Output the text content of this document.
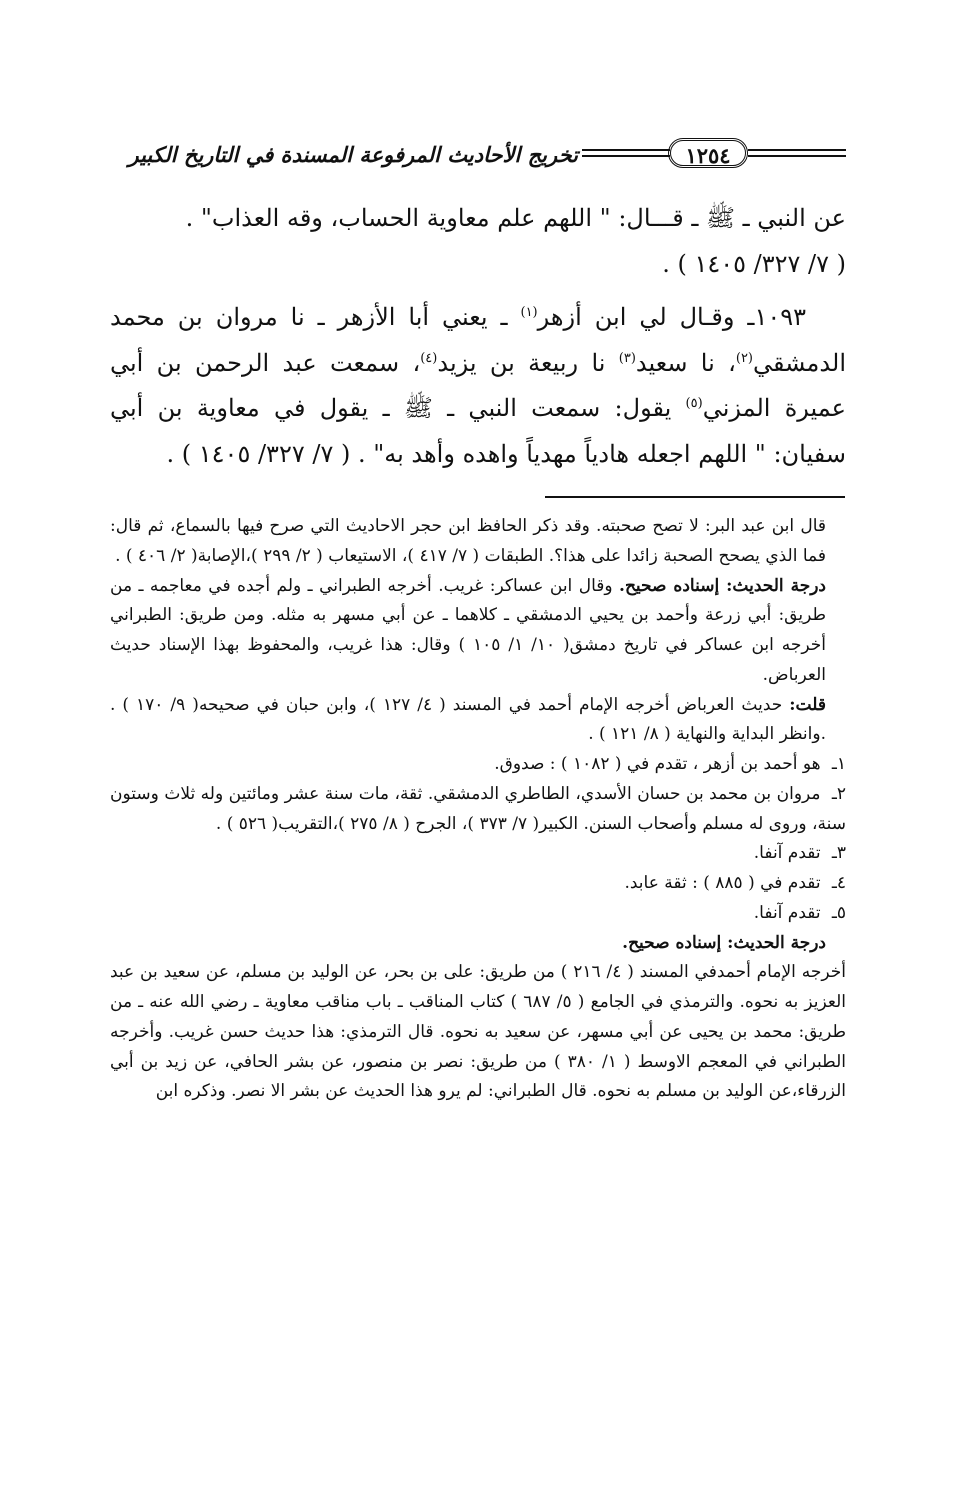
١٢٥٤
تخريج الأحاديث المرفوعة المسندة في التاريخ الكبير

عن النبي ـ ﷺ ـ قـــال: " اللهم علم معاوية الحساب، وقه العذاب" .
( ٧/ ٣٢٧/ ١٤٠٥ ) .

١٠٩٣ـ وقـال لي ابن أزهر$^{(١)}$ ـ يعني أبا الأزهر ـ نا مروان بن محمد الدمشقي$^{(٢)}$، نا سعيد$^{(٣)}$ نا ربيعة بن يزيد$^{(٤)}$، سمعت عبد الرحمن بن أبي عميرة المزني$^{(٥)}$ يقول: سمعت النبي ـ ﷺ ـ يقول في معاوية بن أبي سفيان: " اللهم اجعله هادياً مهدياً واهده وأهد به" . ( ٧/ ٣٢٧/ ١٤٠٥ ) .

قال ابن عبد البر: لا تصح صحبته. وقد ذكر الحافظ ابن حجر الاحاديث التي صرح فيها بالسماع، ثم قال: فما الذي يصحح الصحبة زائدا على هذا؟. الطبقات ( ٧/ ٤١٧ )، الاستيعاب ( ٢/ ٢٩٩ )،الإصابة( ٢/ ٤٠٦ ) .

درجة الحديث: إسناده صحيح. وقال ابن عساكر: غريب. أخرجه الطبراني ـ ولم أجده في معاجمه ـ من طريق: أبي زرعة وأحمد بن يحيي الدمشقي ـ كلاهما ـ عن أبي مسهر به مثله. ومن طريق: الطبراني أخرجه ابن عساكر في تاريخ دمشق( ١٠/ ١/ ١٠٥ ) وقال: هذا غريب، والمحفوظ بهذا الإسناد حديث العرباض.

قلت: حديث العرباض أخرجه الإمام أحمد في المسند ( ٤/ ١٢٧ )، وابن حبان في صحيحه( ٩/ ١٧٠ ) . .وانظر البداية والنهاية ( ٨/ ١٢١ ) .

١ـ هو أحمد بن أزهر ، تقدم في ( ١٠٨٢ ) : صدوق.

٢ـ مروان بن محمد بن حسان الأسدي، الطاطري الدمشقي. ثقة، مات سنة عشر ومائتين وله ثلاث وستون سنة، وروى له مسلم وأصحاب السنن. الكبير( ٧/ ٣٧٣ )، الجرح ( ٨/ ٢٧٥ )،التقريب( ٥٢٦ ) .

٣ـ تقدم آنفا.

٤ـ تقدم في ( ٨٨٥ ) : ثقة عابد.

٥ـ تقدم آنفا.

درجة الحديث: إسناده صحيح.

أخرجه الإمام أحمدفي المسند ( ٤/ ٢١٦ ) من طريق: على بن بحر، عن الوليد بن مسلم، عن سعيد بن عبد العزيز به نحوه. والترمذي في الجامع ( ٥/ ٦٨٧ ) كتاب المناقب ـ باب مناقب معاوية ـ رضي الله عنه ـ من طريق: محمد بن يحيى عن أبي مسهر، عن سعيد به نحوه. قال الترمذي: هذا حديث حسن غريب. وأخرجه الطبراني في المعجم الاوسط ( ١/ ٣٨٠ ) من طريق: نصر بن منصور، عن بشر الحافي، عن زيد بن أبي الزرقاء،عن الوليد بن مسلم به نحوه. قال الطبراني: لم يرو هذا الحديث عن بشر الا نصر. وذكره ابن
